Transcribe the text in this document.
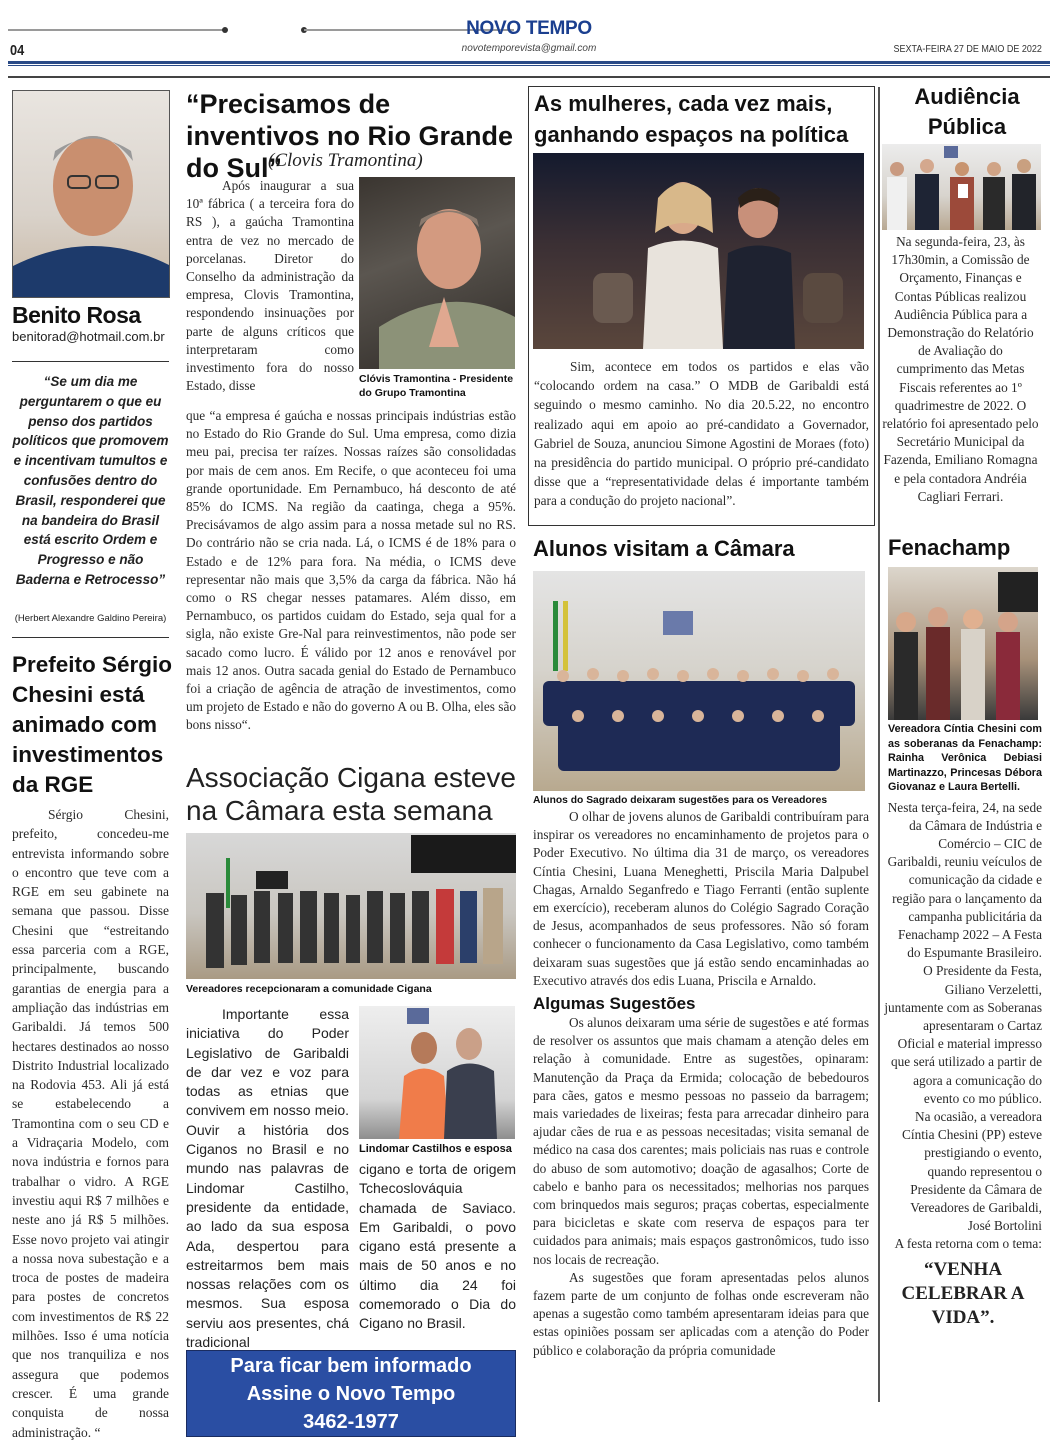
NOVO TEMPO
novotemporevista@gmail.com
04	SEXTA-FEIRA 27 DE MAIO DE 2022
Benito Rosa
benitorad@hotmail.com.br
“Se um dia me perguntarem o que eu penso dos partidos políticos que promovem e incentivam tumultos e confusões dentro do Brasil, responderei que na bandeira do Brasil está escrito Ordem e Progresso e não Baderna e Retrocesso”
(Herbert Alexandre Galdino Pereira)
Prefeito Sérgio Chesini está animado com investimentos da RGE
Sérgio Chesini, prefeito, concedeu-me entrevista informando sobre o encontro que teve com a RGE em seu gabinete na semana que passou. Disse Chesini que “estreitando essa parceria com a RGE, principalmente, buscando garantias de energia para a ampliação das indústrias em Garibaldi. Já temos 500 hectares destinados ao nosso Distrito Industrial localizado na Rodovia 453. Ali já está se estabelecendo a Tramontina com o seu CD e a Vidraçaria Modelo, com nova indústria e fornos para trabalhar o vidro. A RGE investiu aqui R$ 7 milhões e neste ano já R$ 5 milhões. Esse novo projeto vai atingir a nossa nova subestação e a troca de postes de madeira para postes de concretos com investimentos de R$ 22 milhões. Isso é uma notícia que nos tranquiliza e nos assegura que podemos crescer. É uma grande conquista de nossa administração. “
“Precisamos de inventivos no Rio Grande do Sul”
(Clovis Tramontina)
Clóvis Tramontina - Presidente do Grupo Tramontina
Após inaugurar a sua 10ª fábrica ( a terceira fora do RS ), a gaúcha Tramontina entra de vez no mercado de porcelanas. Diretor do Conselho da administração da empresa, Clovis Tramontina, respondendo insinuações por parte de alguns críticos que interpretaram como investimento fora do nosso Estado, disse
que “a empresa é gaúcha e nossas principais indústrias estão no Estado do Rio Grande do Sul. Uma empresa, como dizia meu pai, precisa ter raízes. Nossas raízes são consolidadas por mais de cem anos. Em Recife, o que aconteceu foi uma grande oportunidade. Em Pernambuco, há desconto de até 85% do ICMS. Na região da caatinga, chega a 95%. Precisávamos de algo assim para a nossa metade sul no RS. Do contrário não se cria nada. Lá, o ICMS é de 18% para o Estado e de 12% para fora. Na média, o ICMS deve representar não mais que 3,5% da carga da fábrica. Não há como o RS chegar nesses patamares. Além disso, em Pernambuco, os partidos cuidam do Estado, seja qual for a sigla, não existe Gre-Nal para reinvestimentos, não pode ser sacado como lucro. É válido por 12 anos e renovável por mais 12 anos. Outra sacada genial do Estado de Pernambuco foi a criação de agência de atração de investimentos, como um projeto de Estado e não do governo A ou B. Olha, eles são bons nisso“.
Associação Cigana esteve na Câmara esta semana
Vereadores recepcionaram a comunidade Cigana
Importante essa iniciativa do Poder Legislativo de Garibaldi de dar vez e voz para todas as etnias que convivem em nosso meio. Ouvir a história dos Ciganos no Brasil e no mundo nas palavras de Lindomar Castilho, presidente da entidade, ao lado da sua esposa Ada, despertou para estreitarmos bem mais nossas relações com os mesmos. Sua esposa serviu aos presentes, chá tradicional
Lindomar Castilhos e esposa
cigano e torta de origem Tchecoslováquia chamada de Saviaco. Em Garibaldi, o povo cigano está presente a mais de 50 anos e no último dia 24 foi comemorado o Dia do Cigano no Brasil.
Para ficar bem informado
Assine o Novo Tempo
3462-1977
As mulheres, cada vez mais, ganhando espaços na política
Sim, acontece em todos os partidos e elas vão “colocando ordem na casa.” O MDB de Garibaldi está seguindo o mesmo caminho. No dia 20.5.22, no encontro realizado aqui em apoio ao pré-candidato a Governador, Gabriel de Souza, anunciou Simone Agostini de Moraes (foto) na presidência do partido municipal. O próprio pré-candidato disse que a “representatividade delas é importante também para a condução do projeto nacional”.
Alunos visitam a Câmara
Alunos do Sagrado deixaram sugestões para os Vereadores
O olhar de jovens alunos de Garibaldi contribuíram para inspirar os vereadores no encaminhamento de projetos para o Poder Executivo. No última dia 31 de março, os vereadores Cíntia Chesini, Luana Meneghetti, Priscila Maria Dalpubel Chagas, Arnaldo Seganfredo e Tiago Ferranti (então suplente em exercício), receberam alunos do Colégio Sagrado Coração de Jesus, acompanhados de seus professores. Não só foram conhecer o funcionamento da Casa Legislativo, como também deixaram suas sugestões que já estão sendo encaminhadas ao Executivo através dos edis Luana, Priscila e Arnaldo.
Algumas Sugestões
Os alunos deixaram uma série de sugestões e até formas de resolver os assuntos que mais chamam a atenção deles em relação à comunidade. Entre as sugestões, opinaram: Manutenção da Praça da Ermida; colocação de bebedouros para cães, gatos e mesmo pessoas no passeio da barragem; mais variedades de lixeiras; festa para arrecadar dinheiro para ajudar cães de rua e as pessoas necesitadas; visita semanal de médico na casa dos carentes; mais policiais nas ruas e controle do abuso de som automotivo; doação de agasalhos; Corte de cabelo e banho para os necessitados; melhorias nos parques com brinquedos mais seguros; praças cobertas, especialmente para bicicletas e skate com reserva de espaços para ter cuidados para animais; mais espaços gastronômicos, tudo isso nos locais de recreação.
As sugestões que foram apresentadas pelos alunos fazem parte de um conjunto de folhas onde escreveram não apenas a sugestão como também apresentaram ideias para que estas opiniões possam ser aplicadas com a atenção do Poder público e colaboração da própria comunidade
Audiência Pública
Na segunda-feira, 23, às 17h30min, a Comissão de Orçamento, Finanças e Contas Públicas realizou Audiência Pública para a Demonstração do Relatório de Avaliação do cumprimento das Metas Fiscais referentes ao 1º quadrimestre de 2022. O relatório foi apresentado pelo Secretário Municipal da Fazenda, Emiliano Romagna e pela contadora Andréia Cagliari Ferrari.
Fenachamp
Vereadora Cíntia Chesini com as soberanas da Fenachamp: Rainha Verônica Debiasi Martinazzo, Princesas Débora Giovanaz e Laura Bertelli.
Nesta terça-feira, 24, na sede da Câmara de Indústria e Comércio – CIC de Garibaldi, reuniu veículos de comunicação da cidade e região para o lançamento da campanha publicitária da Fenachamp 2022 – A Festa do Espumante Brasileiro.
O Presidente da Festa, Giliano Verzeletti, juntamente com as Soberanas apresentaram o Cartaz Oficial e material impresso que será utilizado a partir de agora a comunicação do evento co mo público.
Na ocasião, a vereadora Cíntia Chesini (PP) esteve prestigiando o evento, quando representou o Presidente da Câmara de Vereadores de Garibaldi, José Bortolini
A festa retorna com o tema:
“VENHA CELEBRAR A VIDA”.
